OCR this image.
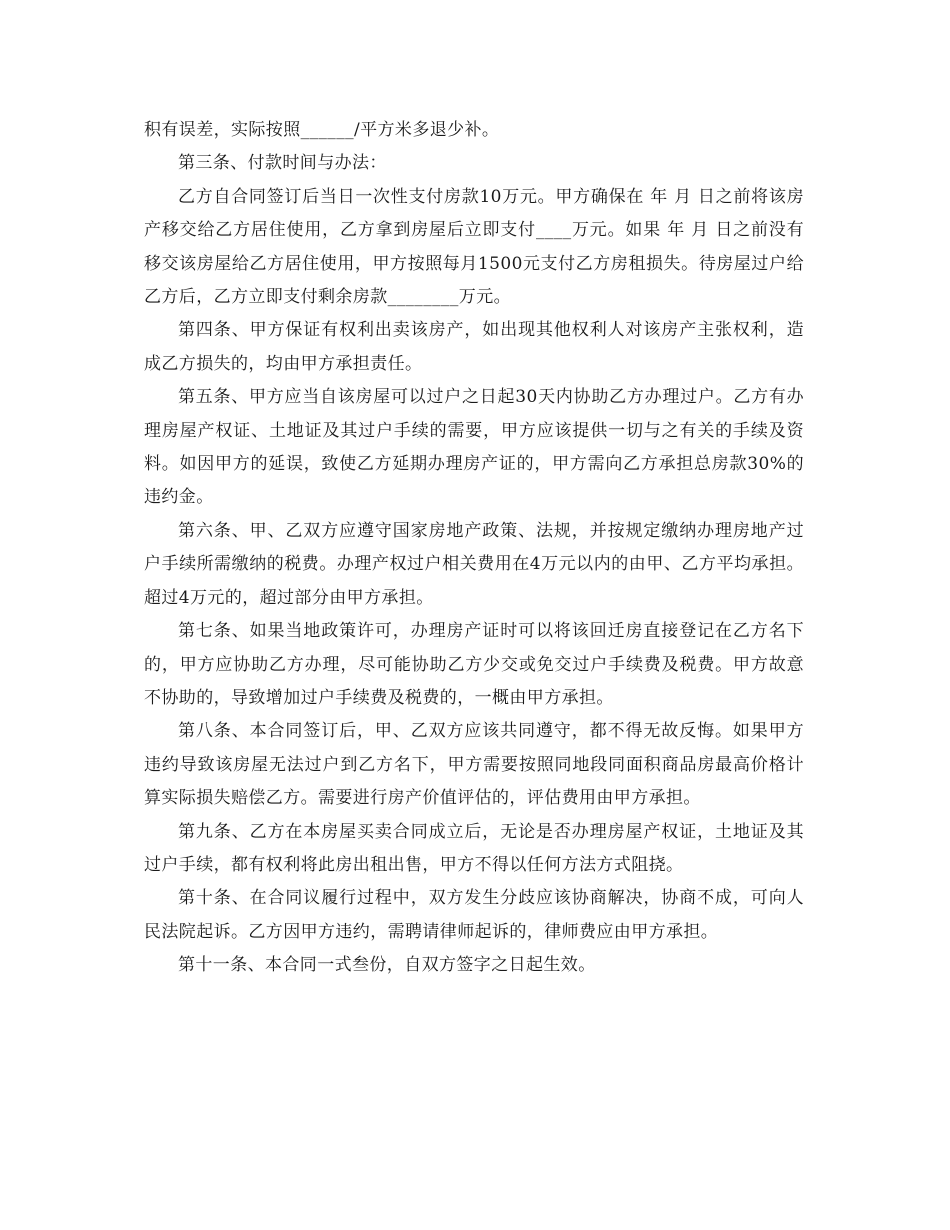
积有误差，实际按照______/平方米多退少补。

第三条、付款时间与办法：

乙方自合同签订后当日一次性支付房款10万元。甲方确保在 年 月 日之前将该房产移交给乙方居住使用，乙方拿到房屋后立即支付____万元。如果 年 月 日之前没有移交该房屋给乙方居住使用，甲方按照每月1500元支付乙方房租损失。待房屋过户给乙方后，乙方立即支付剩余房款________万元。

第四条、甲方保证有权利出卖该房产，如出现其他权利人对该房产主张权利，造成乙方损失的，均由甲方承担责任。

第五条、甲方应当自该房屋可以过户之日起30天内协助乙方办理过户。乙方有办理房屋产权证、土地证及其过户手续的需要，甲方应该提供一切与之有关的手续及资料。如因甲方的延误，致使乙方延期办理房产证的，甲方需向乙方承担总房款30%的违约金。

第六条、甲、乙双方应遵守国家房地产政策、法规，并按规定缴纳办理房地产过户手续所需缴纳的税费。办理产权过户相关费用在4万元以内的由甲、乙方平均承担。超过4万元的，超过部分由甲方承担。

第七条、如果当地政策许可，办理房产证时可以将该回迁房直接登记在乙方名下的，甲方应协助乙方办理，尽可能协助乙方少交或免交过户手续费及税费。甲方故意不协助的，导致增加过户手续费及税费的，一概由甲方承担。

第八条、本合同签订后，甲、乙双方应该共同遵守，都不得无故反悔。如果甲方违约导致该房屋无法过户到乙方名下，甲方需要按照同地段同面积商品房最高价格计算实际损失赔偿乙方。需要进行房产价值评估的，评估费用由甲方承担。

第九条、乙方在本房屋买卖合同成立后，无论是否办理房屋产权证，土地证及其过户手续，都有权利将此房出租出售，甲方不得以任何方法方式阻挠。

第十条、在合同议履行过程中，双方发生分歧应该协商解决，协商不成，可向人民法院起诉。乙方因甲方违约，需聘请律师起诉的，律师费应由甲方承担。

第十一条、本合同一式叁份，自双方签字之日起生效。
